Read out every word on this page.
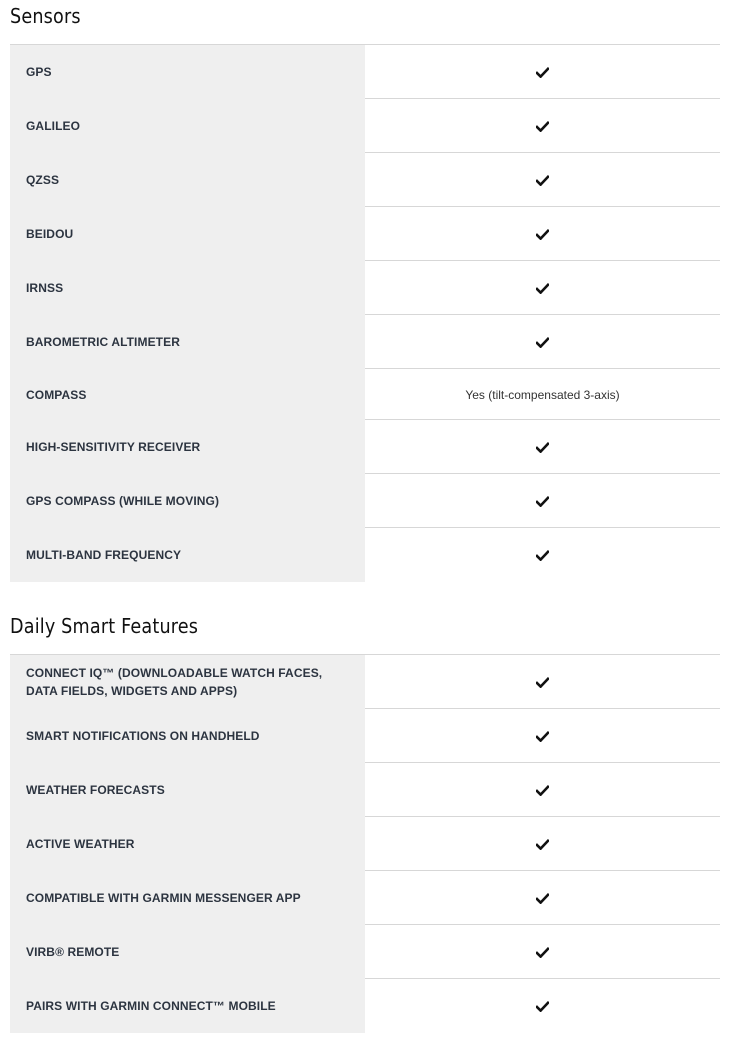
Sensors
GPS
GALILEO
QZSS
BEIDOU
IRNSS
BAROMETRIC ALTIMETER
COMPASS	Yes (tilt-compensated 3-axis)
HIGH-SENSITIVITY RECEIVER
GPS COMPASS (WHILE MOVING)
MULTI-BAND FREQUENCY
Daily Smart Features
CONNECT IQ™ (DOWNLOADABLE WATCH FACES, DATA FIELDS, WIDGETS AND APPS)
SMART NOTIFICATIONS ON HANDHELD
WEATHER FORECASTS
ACTIVE WEATHER
COMPATIBLE WITH GARMIN MESSENGER APP
VIRB® REMOTE
PAIRS WITH GARMIN CONNECT™ MOBILE
